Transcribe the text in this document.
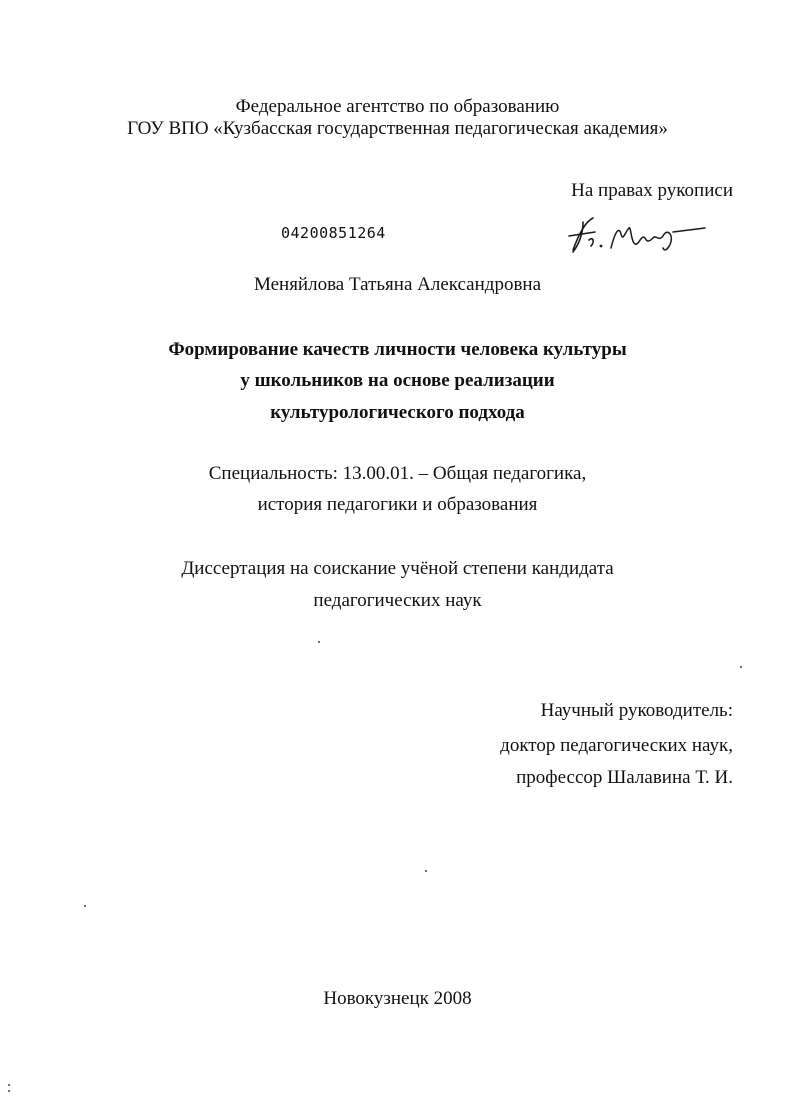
Федеральное агентство по образованию
ГОУ ВПО «Кузбасская государственная педагогическая академия»
На правах рукописи
04200851264
Меняйлова Татьяна Александровна
Формирование качеств личности человека культуры
у школьников на основе реализации
культурологического подхода
Специальность: 13.00.01. – Общая педагогика,
история педагогики и образования
Диссертация на соискание учёной степени кандидата
педагогических наук
Научный руководитель:
доктор педагогических наук,
профессор Шалавина Т. И.
Новокузнецк 2008
